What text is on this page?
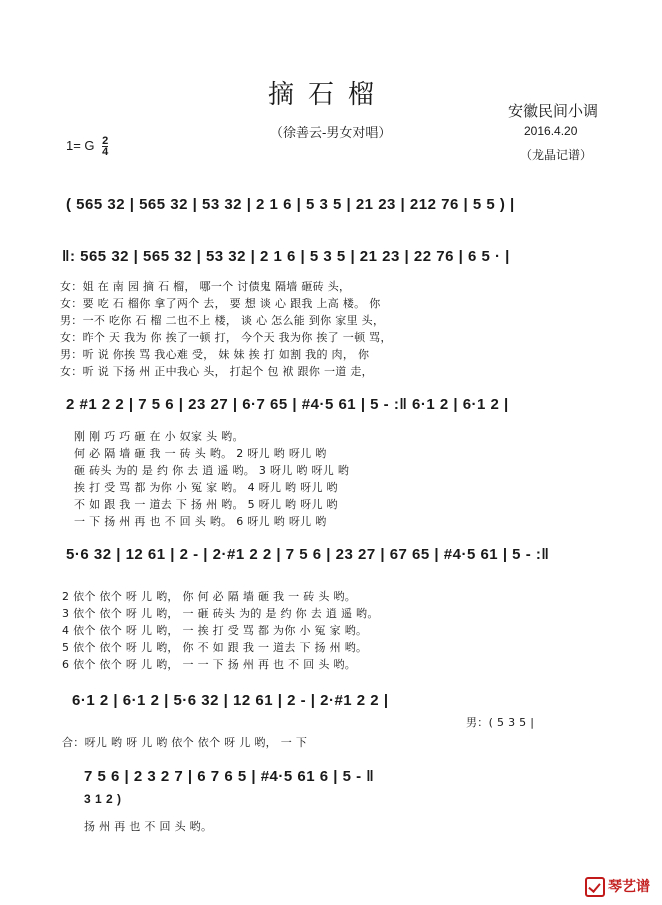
摘石榴
（徐善云-男女对唱）
安徽民间小调
2016.4.20
（龙晶记谱）
1= G $\frac{2}{4}$
( 565 32 | 565 32 | 53 32 | 2 1 6 | 5 3 5 | 21 23 | 212 76 | 5 5 ) |
‖: 565 32 | 565 32 | 53 32 | 2 1 6 | 5 3 5 | 21 23 | 22 76 | 6 5 · |
女：姐 在 南 园 摘 石 榴， 哪一个 讨债鬼 隔墙 砸砖 头，
女：要 吃 石 榴你 拿了两个 去， 要 想 谈 心 跟我 上高 楼。 你
男：一不 吃你 石 榴 二也不上 楼， 谈 心 怎么能 到你 家里 头，
女：昨个 天 我为 你 挨了一顿 打， 今个天 我为你 挨了 一顿 骂，
男：听 说 你挨 骂 我心难 受， 妹 妹 挨 打 如割 我的 肉， 你
女：听 说 下扬 州 正中我心 头， 打起个 包 袱 跟你 一道 走，
2 #1 2 2 | 7 5 6 | 23 27 | 6·7 65 | #4·5 61 | 5 - :‖ 6·1 2 | 6·1 2 |
刚 刚 巧 巧 砸 在 小 奴家 头 哟。
何 必 隔 墙 砸 我 一 砖 头 哟。 2 呀儿 哟 呀儿 哟
砸 砖头 为的 是 约 你 去 逍 遥 哟。 3 呀儿 哟 呀儿 哟
挨 打 受 骂 都 为你 小 冤 家 哟。 4 呀儿 哟 呀儿 哟
不 如 跟 我 一 道去 下 扬 州 哟。 5 呀儿 哟 呀儿 哟
一 下 扬 州 再 也 不 回 头 哟。 6 呀儿 哟 呀儿 哟
5·6 32 | 12 61 | 2 - | 2·#1 2 2 | 7 5 6 | 23 27 | 67 65 | #4·5 61 | 5 - :‖
2 依个 依个 呀 儿 哟， 你 何 必 隔 墙 砸 我 一 砖 头 哟。
3 依个 依个 呀 儿 哟， 一 砸 砖头 为的 是 约 你 去 逍 遥 哟。
4 依个 依个 呀 儿 哟， 一 挨 打 受 骂 都 为你 小 冤 家 哟。
5 依个 依个 呀 儿 哟， 你 不 如 跟 我 一 道去 下 扬 州 哟。
6 依个 依个 呀 儿 哟， 一 一 下 扬 州 再 也 不 回 头 哟。
6·1 2 | 6·1 2 | 5·6 32 | 12 61 | 2 - | 2·#1 2 2 |
男：( 5 3 5 |
合：呀儿 哟 呀 儿 哟 依个 依个 呀 儿 哟， 一 下
7 5 6 | 2 3 2 7 | 6 7 6 5 | #4·5 61 6 | 5 - ‖
3 1 2 )
扬 州 再 也 不 回 头 哟。
琴艺谱
